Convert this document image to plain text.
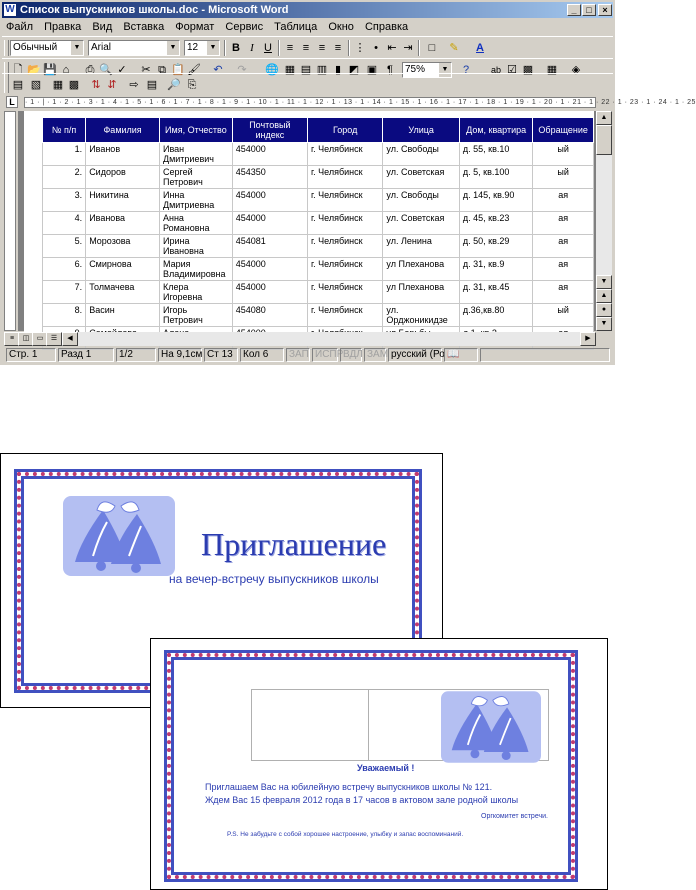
W Список выпускников школы.doc - Microsoft Word	_	□	×
Файл Правка Вид Вставка Формат Сервис Таблица Окно Справка
Обычный	▼	Arial	▼	12	▼	B I U	≡ ≡ ≡ ≡	⋮ • ⇤ ⇥	□	✎	A
🗋 📂 💾 ⌂	⎙ 🔍 ✓	✂ ⧉ 📋 🖌	↶	↷	🌐 ▦ ▤ ▥ ▮ ◩ ▣ ¶	75%	▼	?	ab ☑ ▩ ▦	◈
▤ ▧ ▦ ▩	⇅ ⇵	⇨ ▤ 🔎 ⎘
L	· 1 · | · 1 · 2 · 1 · 3 · 1 · 4 · 1 · 5 · 1 · 6 · 1 · 7 · 1 · 8 · 1 · 9 · 1 · 10 · 1 · 11 · 1 · 12 · 1 · 13 · 1 · 14 · 1 · 15 · 1 · 16 · 1 · 17 · 1 · 18 · 1 · 19 · 1 · 20 · 1 · 21 · 1 · 22 · 1 · 23 · 1 · 24 · 1 · 25
№ п/п	Фамилия	Имя, Отчество	Почтовый индекс	Город	Улица	Дом, квартира	Обращение
1.	Иванов	Иван Дмитриевич	454000	г. Челябинск	ул. Свободы	д. 55, кв.10	ый
2.	Сидоров	Сергей Петрович	454350	г. Челябинск	ул. Советская	д. 5, кв.100	ый
3.	Никитина	Инна Дмитриевна	454000	г. Челябинск	ул. Свободы	д. 145, кв.90	ая
4.	Иванова	Анна Романовна	454000	г. Челябинск	ул. Советская	д. 45, кв.23	ая
5.	Морозова	Ирина Ивановна	454081	г. Челябинск	ул. Ленина	д. 50, кв.29	ая
6.	Смирнова	Мария Владимировна	454000	г. Челябинск	ул Плеханова	д. 31, кв.9	ая
7.	Толмачева	Клера Игоревна	454000	г. Челябинск	ул Плеханова	д. 31, кв.45	ая
8.	Васин	Игорь Петрович	454080	г. Челябинск	ул. Орджоникидзе	д.36,кв.80	ый

▲
▼
▲
●
▼
≡	◫	▭	☰	◀	▶
Стр. 1	Разд 1	1/2	На 9,1см Ст 13	Кол 6	ЗАП ИСПР ВДЛ ЗАМ русский (Ро 📖
Приглашение
на вечер-встречу выпускников школы
Уважаемый !
Приглашаем Вас на юбилейную встречу выпускников школы № 121.
Ждем Вас 15 февраля 2012 года в 17 часов в актовом зале родной школы
Оргкомитет встречи.
P.S. Не забудьте с собой хорошее настроение, улыбку и запас воспоминаний.
